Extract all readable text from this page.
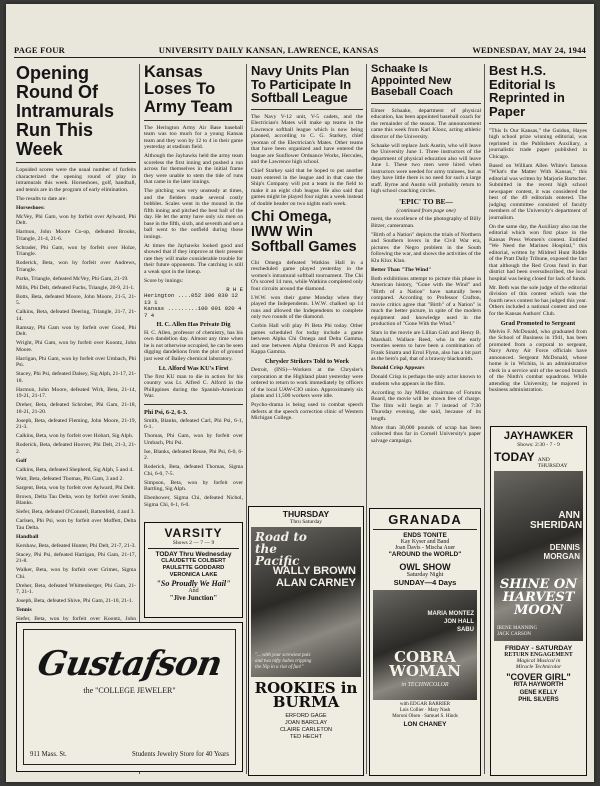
PAGE FOUR	UNIVERSITY DAILY KANSAN, LAWRENCE, KANSAS	WEDNESDAY, MAY 24, 1944
Opening Round Of Intramurals Run This Week

Lopsided scores were the usual number of forfeits characterized the opening round of play in intramurals this week. Horseshoes, golf, handball, and tennis are in the program of early elimination.

The results to date are:

Horseshoes:

McVey, Phi Gam, won by forfeit over Aylward, Phi Delt.

Harmon, John Moore Co-op, defeated Brooks, Triangle, 21-4, 21-6.

Schrader, Phi Gam, won by forfeit over Holze, Triangle.

Roderick, Beta, won by forfeit over Andrews, Triangle.

Parks, Triangle, defeated McVey, Phi Gam, 21-19.

Mills, Phi Delt, defeated Fuchs, Triangle, 20-9, 21-1.

Botts, Beta, defeated Moore, John Moore, 21-5, 21-5.

Calkins, Beta, defeated Deering, Triangle, 21-7, 21-14.

Ramsay, Phi Gam won by forfeit over Good, Phi Delt.

Wright, Phi Gam, won by forfeit over Koontz, John Moore.

Harrigan, Phi Gam, won by forfeit over Umbach, Phi Psi.

Stacey, Phi Psi, defeated Dalsey, Sig Alph, 21-17, 21-18.

Harmon, John Moore, defeated Wirk, Beta, 21-14, 19-21, 21-17.

Dreher, Beta, defeated Schrober, Phi Gam, 21-18, 18-21, 21-20.

Joseph, Beta, defeated Fleming, John Moore, 21-19, 21-3.

Calkins, Beta, won by forfeit over Hobart, Sig Alph.

Roderick, Beta, defeated Hoover, Phi Delt, 21-3, 21-2.

Golf

Calkins, Beta, defeated Shepherd, Sig Alph, 5 and 4.

Watt, Beta, defeated Thomas, Phi Gam, 3 and 2.

Sargent, Beta, won by forfeit over Aylward, Phi Delt.

Brown, Delta Tau Delta, won by forfeit over Smith, Blanks.

Siefer, Beta, defeated O'Connell, Battenfeld, 4 and 3.

Carlsen, Phi Psi, won by forfeit over Moffett, Delta Tau Delta.

Handball

Kershaw, Beta, defeated Hunter, Phi Delt, 21-7, 21-3.

Stacey, Phi Psi, defeated Hartigan, Phi Gam, 21-17, 21-8.

Walker, Beta, won by forfeit over Grimes, Sigma Chi.

Dreher, Beta, defeated Whittenberger, Phi Gam, 21-7, 21-1.

Joseph, Beta, defeated Shive, Phi Gam, 21-10, 21-1.

Tennis

Siefer, Beta, won by forfeit over Koontz, John

Kansas Loses To Army Team

The Herington Army Air Base baseball team was too much for a young Kansas team and they won by 12 to 4 in their game yesterday at stadium field.

Although the Jayhawks held the army team scoreless the first inning and pushed a run across for themselves in the initial frame they were unable to stem the tide of runs that came in the later innings.

The pitching was very unsteady at times, and the fielders made several costly bobbles. Scales went in the mound in the fifth inning and pitched the best ball of the day. He let the army have only six men on base in the fifth, sixth, and seventh and set a ball went to the outfield during those innings.

At times the Jayhawks looked good and showed that if they improve at their present rate they will make considerable trouble for their future opponents. The catching is still a weak spot in the lineup.

Score by innings:

R H E
Herington ....052 306 030 12 13 1
Kansas .........100 001 020 4 7 4
H. C. Allen Has Private Dig

H. C. Allen, professor of chemistry, has his own dandelion day. Almost any time when he is not otherwise occupied, he can be seen digging dandelions from the plot of ground just west of Bailey chemical laboratory.

Lt. Alford Was KU's First

The first KU man to die in action for his country was Lt. Alfred C. Alford in the Philippines during the Spanish-American War.

Phi Psi, 6-2, 6-3.

Smith, Blanks, defeated Carl, Phi Psi, 6-1, 6-1.

Thomas, Phi Gam, won by forfeit over Umbach, Phi Psi.

Ise, Blanks, defeated Reuse, Phi Psi, 6-0, 6-2.

Roderick, Beta, defeated Thomas, Sigma Chi, 6-0, 7-5.

Simpson, Beta, won by forfeit over Bartling, Sig Alph.

Ebenhower, Sigma Chi, defeated Nichol, Sigma Chi, 6-1, 6-0.

Navy Units Plan To Participate In Softball League

The Navy V-12 unit, V-5 cadets, and the Electrician's Mates will make up teams in the Lawrence softball league which is now being planned, according to C. G. Starkey, chief yeoman of the Electrician's Mates. Other teams that have been organized and have entered the league are Sunflower Ordnance Works, Hercules, and the Lawrence high school.

Chief Starkey said that he hoped to put another team entered in the league and in that case the Ship's Company will put a team in the field to make it an eight club league. He also said that games might be played four nights a week instead of double header on two nights each week.

Chi Omega, IWW Win Softball Games

Chi Omega defeated Watkins Hall in a rescheduled game played yesterday in the women's intramural softball tournament. The Chi O's scored 14 runs, while Watkins completed only four circuits around the diamond.

I.W.W. won their game Monday when they played the Independents. I.W.W. chalked up 14 runs and allowed the Independents to complete only two rounds of the diamond.

Corbin Hall will play Pi Beta Phi today. Other games scheduled for today include a game between Alpha Chi Omega and Delta Gamma, and one between Alpha Omicron Pi and Kappa Kappa Gamma.

Chrysler Strikers Told to Work

Detroit, (INS)—Workers at the Chrysler's corporation at the Highland plant yesterday were ordered to return to work immediately by officers of the local UAW-CIO union. Approximately six plants and 11,500 workers were idle.

Psycho-drama is being used to combat speech defects at the speech correction clinic of Western Michigan College.

Schaake Is Appointed New Baseball Coach

Elmer Schaake, department of physical education, has been appointed baseball coach for the remainder of the season. The announcement came this week from Karl Klooz, acting athletic director of the University.

Schaake will replace Jack Austin, who will leave the University June 1. Three instructors of the department of physical education also will leave June 1. These two men were hired when instructors were needed for army trainees, but as they have little there is no need for such a large staff. Byrne and Austin will probably return to high school coaching circles.

'EPIC' TO BE—
(continued from page one)

ment, the excellence of the photography of Billy Bitzer, cameraman.

"Birth of a Nation" depicts the trials of Northern and Southern lovers in the Civil War era, pictures the Negro problem in the South following the war, and shows the activities of the Klu Klux Klan.

Better Than "The Wind"

Both exhibitions attempt to picture this phase in American history, "Gone with the Wind" and "Birth of a Nation" have naturally been compared. According to Professor Crafton, movie critics agree that "Birth" of a Nation" is much the better picture, in spite of the modern equipment and knowledge used in the production of "Gone With the Wind."

Stars in the movie are Lillian Gish and Henry B. Marshall. Wallace Reed, who in the early twenties seems to have been a combination of Frank Sinatra and Errol Flynn, also has a bit part as the hero's pal, that of a brawny blacksmith.

Donald Crisp Appears

Donald Crisp is perhaps the only actor known to students who appears in the film.

According to Jay Miller, chairman of Forums Board, the movie will be shown free of charge. The film will begin at 7 instead of 7:30 Thursday evening, she said, because of its length.

More than 30,000 pounds of scrap has been collected thus far in Cornell University's paper salvage campaign.

Best H.S. Editorial Is Reprinted in Paper

"This Is Our Kansas," the Guidon, Hayes high school prize winning editorial, was reprinted in the Publishers Auxiliary, a journalistic trade paper published in Chicago.

Based on William Allen White's famous "What's the Matter With Kansas," this editorial was written by Marjorie Bartscher. Submitted in the recent high school newspaper contest, it was considered the best of the 49 editorials entered. The judging committee consisted of faculty members of the University's department of journalism.

On the same day, the Auxiliary also ran the editorial which won first place in the Kansas Press Women's contest. Entitled "We Need the Marines Hospital," this editorial, written by Mildred Hunt Riddle of the Pratt Daily Tribune, exposed the fact that although the Red Cross fund in that district had been oversubscribed, the local hospital was being closed for lack of funds.

Mr. Beth was the sole judge of the editorial division of this contest which was the fourth news contest he has judged this year. Others included a national contest and one for the Kansas Authors' Club.

Grad Promoted to Sergeant

Melvin F. McDonald, who graduated from the School of Business in 1941, has been promoted from a corporal to sergeant, Navy Army Air Force officials have announced. Sergeant McDonald, whose home is in Wichita, is an administrative clerk in a service unit of the second branch of the Ninth's combat squadrons. While attending the University, he majored in business administration.

VARSITY
Shows 2 — 7 — 9
TODAY Thru Wednesday
CLAUDETTE COLBERT
PAULETTE GODDARD
VERONICA LAKE
"So Proudly We Hail"
And
"Jive Junction"
Gustafson
the "COLLEGE JEWELER"
911 Mass. St.	Students Jewelry Store for 40 Years
THURSDAY
Thru Saturday
Road to the Pacific
WALLY BROWN
ALAN CARNEY
"... with your screwiest pals and two nifty babes tripping the Nip in a riot of fun!"
ROOKIES in BURMA
ERFORD GAGE
JOAN BARCLAY
CLAIRE CARLETON
TED HECHT
GRANADA
ENDS TONITE
Kay Kyser and Band
Joan Davis - Mischa Auer
"AROUND the WORLD"
OWL SHOW
Saturday Night
SUNDAY—4 Days
MARIA MONTEZ
JON HALL
SABU
COBRA WOMAN
in TECHNICOLOR
with EDGAR BARRIER
Lois Collier · Mary Nash
Moroni Olsen · Samuel S. Hinds
LON CHANEY
JAYHAWKER
Shows: 2:30 - 7 - 9
TODAY AND
THURSDAY
ANN SHERIDAN
DENNIS MORGAN
SHINE ON HARVEST MOON
IRENE MANNING
JACK CARSON
FRIDAY - SATURDAY
RETURN ENGAGEMENT
Magical Musical in
Miracle Technicolor
"COVER GIRL"
RITA HAYWORTH
GENE KELLY
PHIL SILVERS
